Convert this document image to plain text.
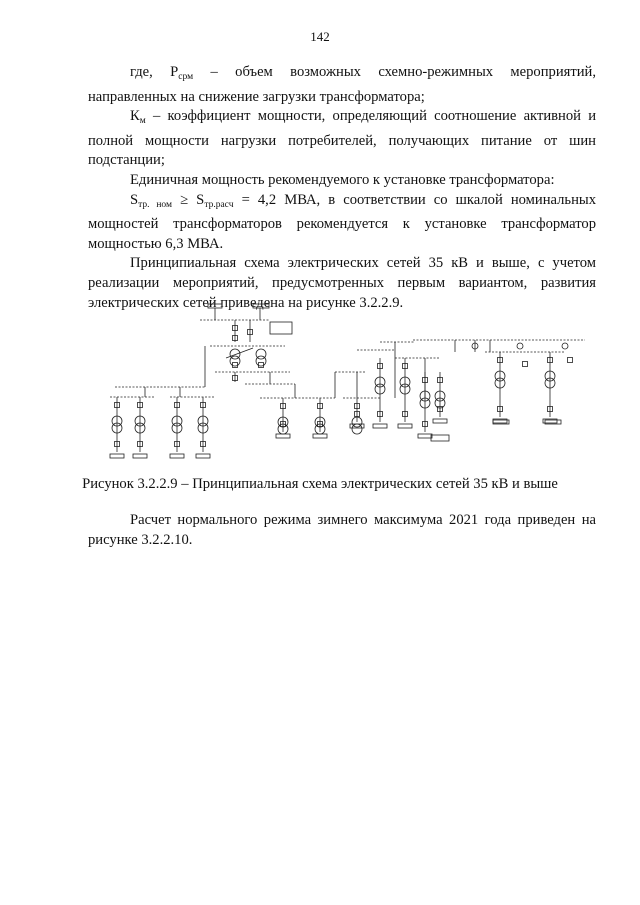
142

где, $Р_{срм}$ – объем возможных схемно-режимных мероприятий, направленных на снижение загрузки трансформатора;

$К_м$ – коэффициент мощности, определяющий соотношение активной и полной мощности нагрузки потребителей, получающих питание от шин подстанции;

Единичная мощность рекомендуемого к установке трансформатора:

$S_{тр. ном} \ge S_{тр.расч} = 4,2$ МВА, в соответствии со шкалой номинальных мощностей трансформаторов рекомендуется к установке трансформатор мощностью 6,3 МВА.

Принципиальная схема электрических сетей 35 кВ и выше, с учетом реализации мероприятий, предусмотренных первым вариантом, развития электрических сетей приведена на рисунке 3.2.2.9.

Рисунок 3.2.2.9 – Принципиальная схема электрических сетей 35 кВ и выше

Расчет нормального режима зимнего максимума 2021 года приведен на рисунке 3.2.2.10.
